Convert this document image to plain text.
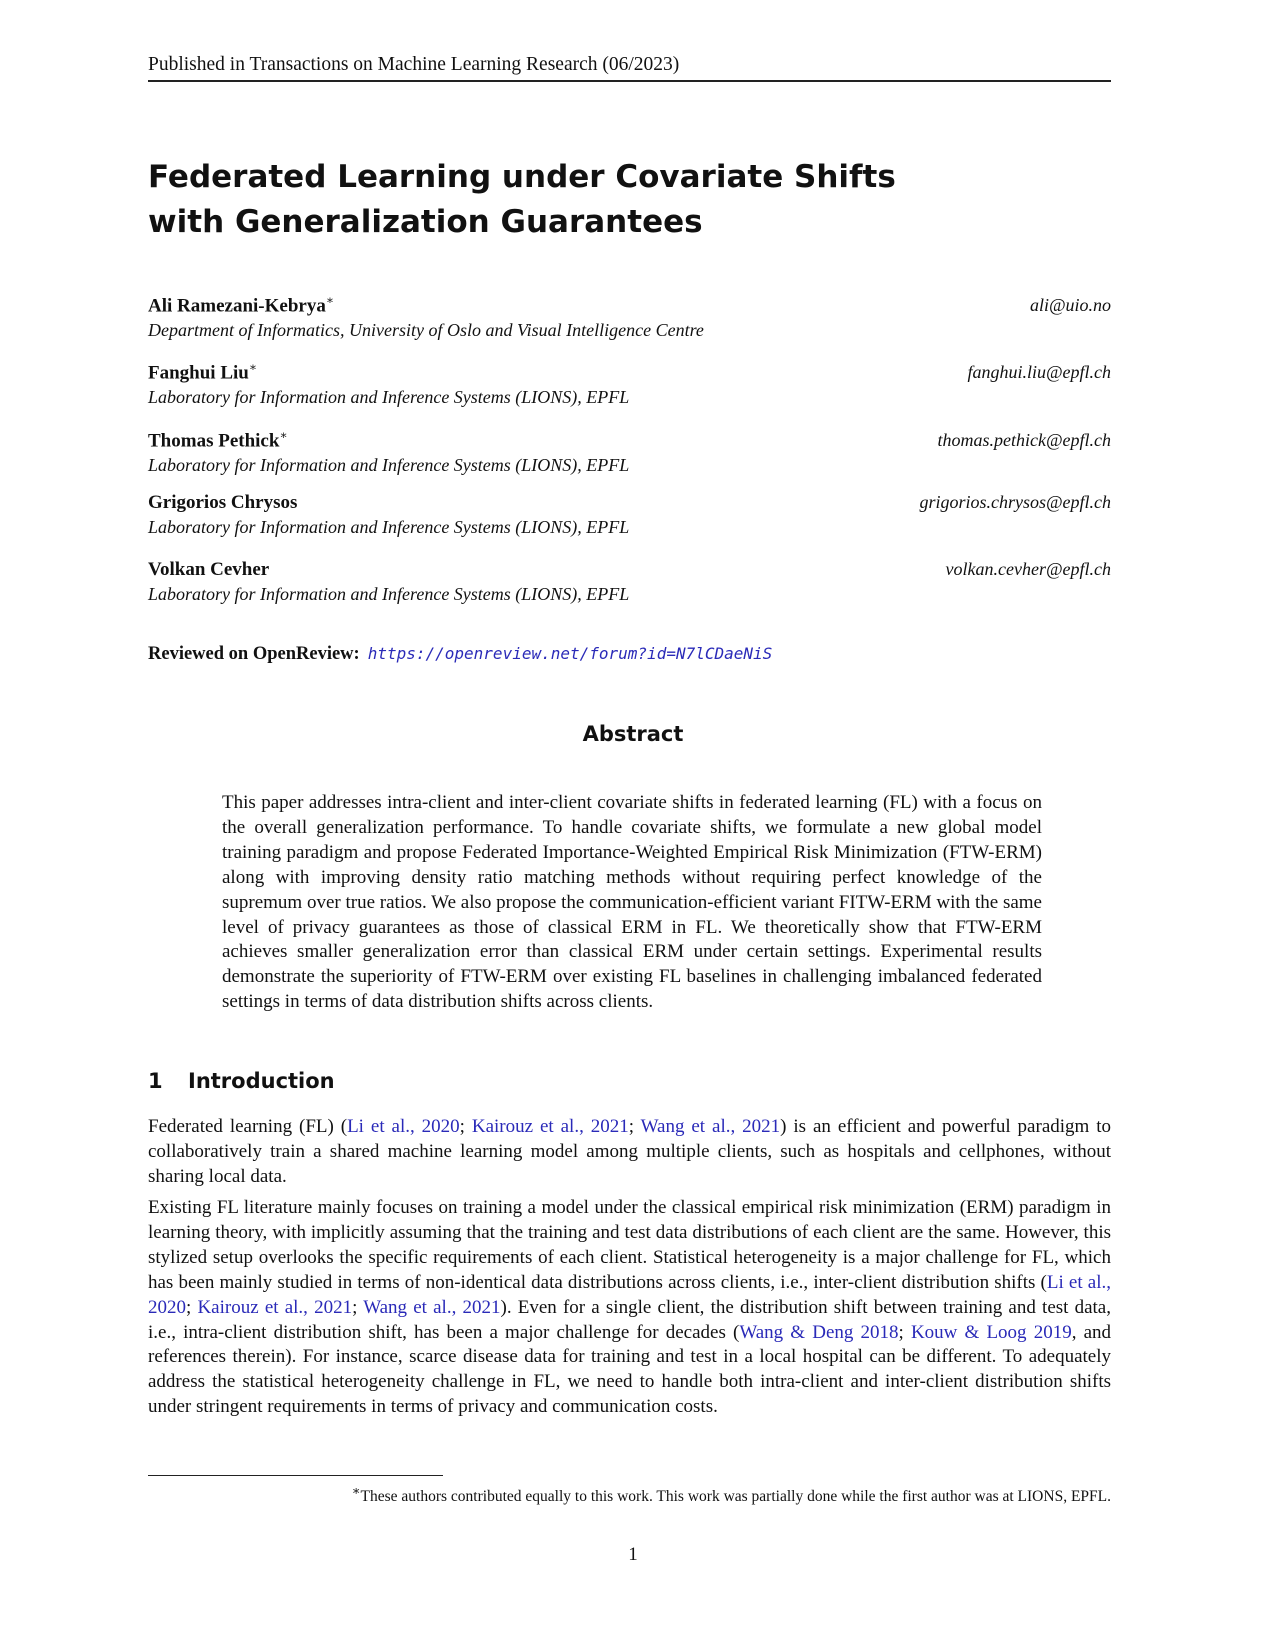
Published in Transactions on Machine Learning Research (06/2023)
Federated Learning under Covariate Shifts
with Generalization Guarantees
Ali Ramezani-Kebrya∗	ali@uio.no
Department of Informatics, University of Oslo and Visual Intelligence Centre
Fanghui Liu∗	fanghui.liu@epfl.ch
Laboratory for Information and Inference Systems (LIONS), EPFL
Thomas Pethick∗	thomas.pethick@epfl.ch
Laboratory for Information and Inference Systems (LIONS), EPFL
Grigorios Chrysos	grigorios.chrysos@epfl.ch
Laboratory for Information and Inference Systems (LIONS), EPFL
Volkan Cevher	volkan.cevher@epfl.ch
Laboratory for Information and Inference Systems (LIONS), EPFL
Reviewed on OpenReview: https://openreview.net/forum?id=N7lCDaeNiS
Abstract
This paper addresses intra-client and inter-client covariate shifts in federated learning (FL) with a focus on the overall generalization performance. To handle covariate shifts, we formulate a new global model training paradigm and propose Federated Importance-Weighted Empirical Risk Minimization (FTW-ERM) along with improving density ratio matching methods without requiring perfect knowledge of the supremum over true ratios. We also propose the communication-efficient variant FITW-ERM with the same level of privacy guarantees as those of classical ERM in FL. We theoretically show that FTW-ERM achieves smaller generalization error than classical ERM under certain settings. Experimental results demonstrate the superiority of FTW-ERM over existing FL baselines in challenging imbalanced federated settings in terms of data distribution shifts across clients.
1 Introduction
Federated learning (FL) (Li et al., 2020; Kairouz et al., 2021; Wang et al., 2021) is an efficient and powerful paradigm to collaboratively train a shared machine learning model among multiple clients, such as hospitals and cellphones, without sharing local data.
Existing FL literature mainly focuses on training a model under the classical empirical risk minimization (ERM) paradigm in learning theory, with implicitly assuming that the training and test data distributions of each client are the same. However, this stylized setup overlooks the specific requirements of each client. Statistical heterogeneity is a major challenge for FL, which has been mainly studied in terms of non-identical data distributions across clients, i.e., inter-client distribution shifts (Li et al., 2020; Kairouz et al., 2021; Wang et al., 2021). Even for a single client, the distribution shift between training and test data, i.e., intra-client distribution shift, has been a major challenge for decades (Wang & Deng 2018; Kouw & Loog 2019, and references therein). For instance, scarce disease data for training and test in a local hospital can be different. To adequately address the statistical heterogeneity challenge in FL, we need to handle both intra-client and inter-client distribution shifts under stringent requirements in terms of privacy and communication costs.
∗These authors contributed equally to this work. This work was partially done while the first author was at LIONS, EPFL.
1
